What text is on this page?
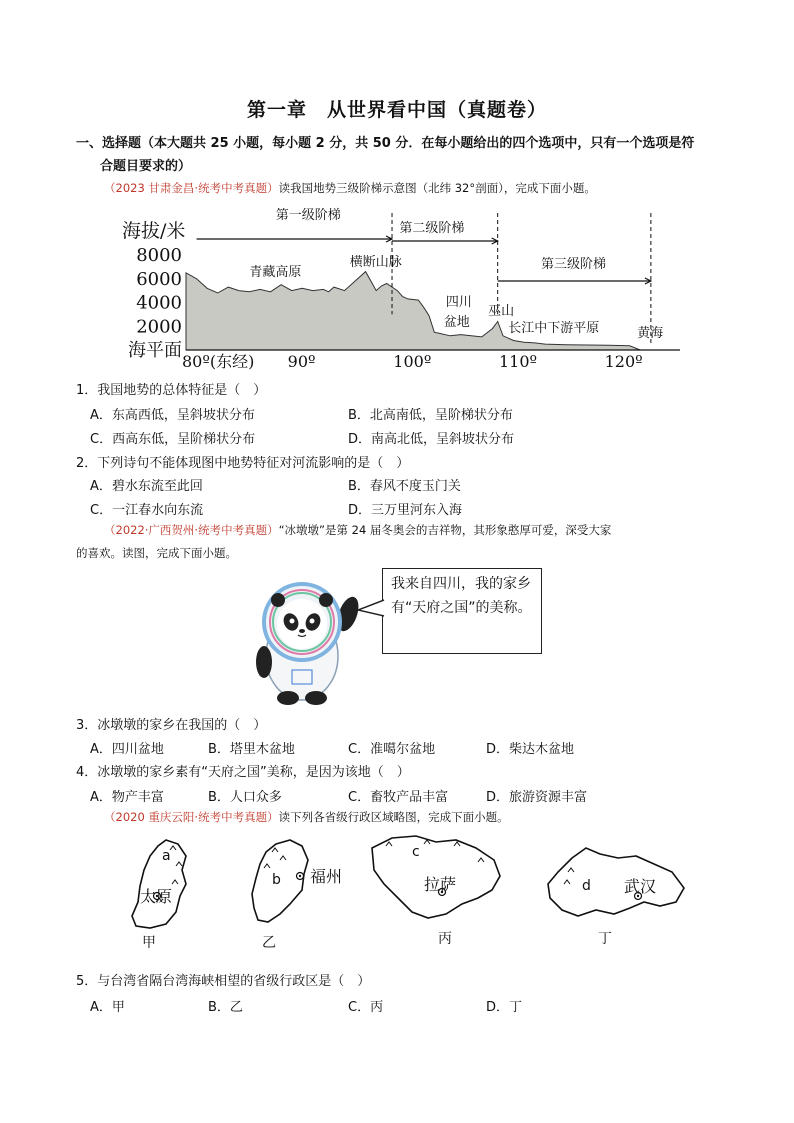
第一章　从世界看中国（真题卷）
一、选择题（本大题共 25 小题，每小题 2 分，共 50 分．在每小题给出的四个选项中，只有一个选项是符
合题目要求的）
（2023 甘肃金昌·统考中考真题）读我国地势三级阶梯示意图（北纬 32°剖面），完成下面小题。
8000
6000
4000
2000
海平面
海拔/米
80º(东经) 90º	100º	110º	120º
第一级阶梯
第二级阶梯
第三级阶梯
青藏高原
横断山脉
四川
盆地
巫山
长江中下游平原	黄海
1．我国地势的总体特征是（　）
A．东高西低，呈斜坡状分布	B．北高南低，呈阶梯状分布
C．西高东低，呈阶梯状分布	D．南高北低，呈斜坡状分布
2．下列诗句不能体现图中地势特征对河流影响的是（　）
A．碧水东流至此回	B．春风不度玉门关
C．一江春水向东流	D．三万里河东入海
（2022·广西贺州·统考中考真题）“冰墩墩”是第 24 届冬奥会的吉祥物，其形象憨厚可爱，深受大家
的喜欢。读图，完成下面小题。
我来自四川，我的家乡有“天府之国”的美称。
3．冰墩墩的家乡在我国的（　）
A．四川盆地	B．塔里木盆地	C．准噶尔盆地	D．柴达木盆地
4．冰墩墩的家乡素有“天府之国”美称，是因为该地（　）
A．物产丰富	B．人口众多	C．畜牧产品丰富	D．旅游资源丰富
（2020 重庆云阳·统考中考真题）读下列各省级行政区域略图，完成下面小题。
a
太原
甲
b 福州
乙
c
拉萨
丙
d 武汉
丁
5．与台湾省隔台湾海峡相望的省级行政区是（　）
A．甲	B．乙	C．丙	D．丁
